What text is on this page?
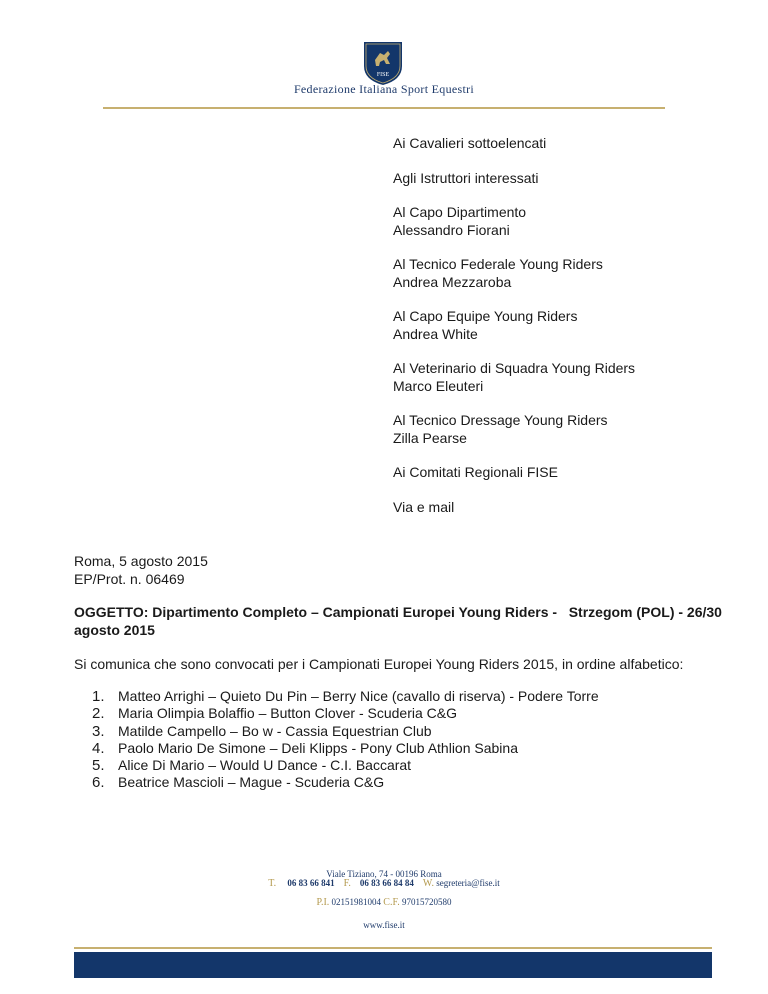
FISE
Federazione Italiana Sport Equestri
Ai Cavalieri sottoelencati
Agli Istruttori interessati
Al Capo Dipartimento
Alessandro Fiorani
Al Tecnico Federale Young Riders
Andrea Mezzaroba
Al Capo Equipe Young Riders
Andrea White
Al Veterinario di Squadra Young Riders
Marco Eleuteri
Al Tecnico Dressage Young Riders
Zilla Pearse
Ai Comitati Regionali FISE
Via e mail
Roma, 5 agosto 2015
EP/Prot. n. 06469
OGGETTO: Dipartimento Completo – Campionati Europei Young Riders -   Strzegom (POL) - 26/30
agosto 2015
Si comunica che sono convocati per i Campionati Europei Young Riders 2015, in ordine alfabetico:
1. Matteo Arrighi – Quieto Du Pin – Berry Nice (cavallo di riserva) - Podere Torre
2. Maria Olimpia Bolaffio – Button Clover - Scuderia C&G
3. Matilde Campello – Bo w - Cassia Equestrian Club
4. Paolo Mario De Simone – Deli Klipps - Pony Club Athlion Sabina
5. Alice Di Mario – Would U Dance - C.I. Baccarat
6. Beatrice Mascioli – Mague - Scuderia C&G
Viale Tiziano, 74 - 00196 Roma
T. 06 83 66 841 F. 06 83 66 84 84 W. segreteria@fise.it
P.I. 02151981004 C.F. 97015720580
www.fise.it
